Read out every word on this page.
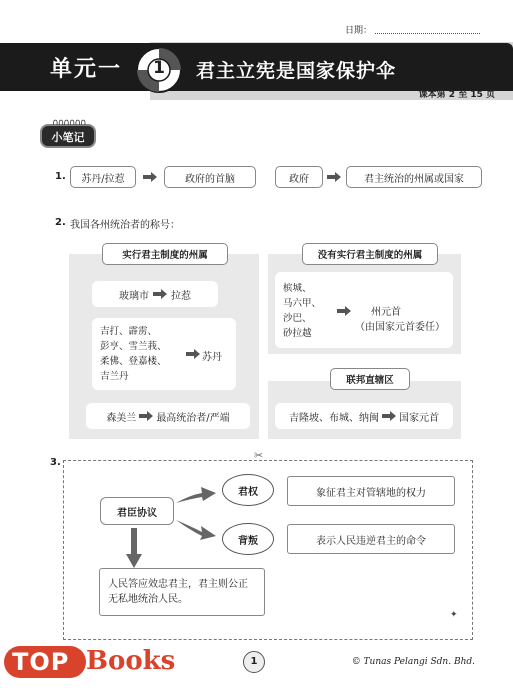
日期：
单元一	1	君主立宪是国家保护伞
课本第 2 至 15 页
∩∩∩∩∩∩
小笔记
1.	苏丹/拉惹	政府的首脑	政府	君主统治的州属或国家
2. 我国各州统治者的称号：
实行君主制度的州属
玻璃市 拉惹
吉打、霹雳、
彭亨、雪兰莪、
柔佛、登嘉楼、
吉兰丹
苏丹
森美兰 最高统治者/严端
没有实行君主制度的州属
槟城、
马六甲、
沙巴、
砂拉越
州元首
（由国家元首委任）
联邦直辖区
吉隆坡、布城、纳闽 国家元首
3.
✂
君臣协议
君权	象征君主对管辖地的权力
背叛	表示人民违逆君主的命令
人民答应效忠君主，君主则公正无私地统治人民。
✦
TOP Books	1	© Tunas Pelangi Sdn. Bhd.
